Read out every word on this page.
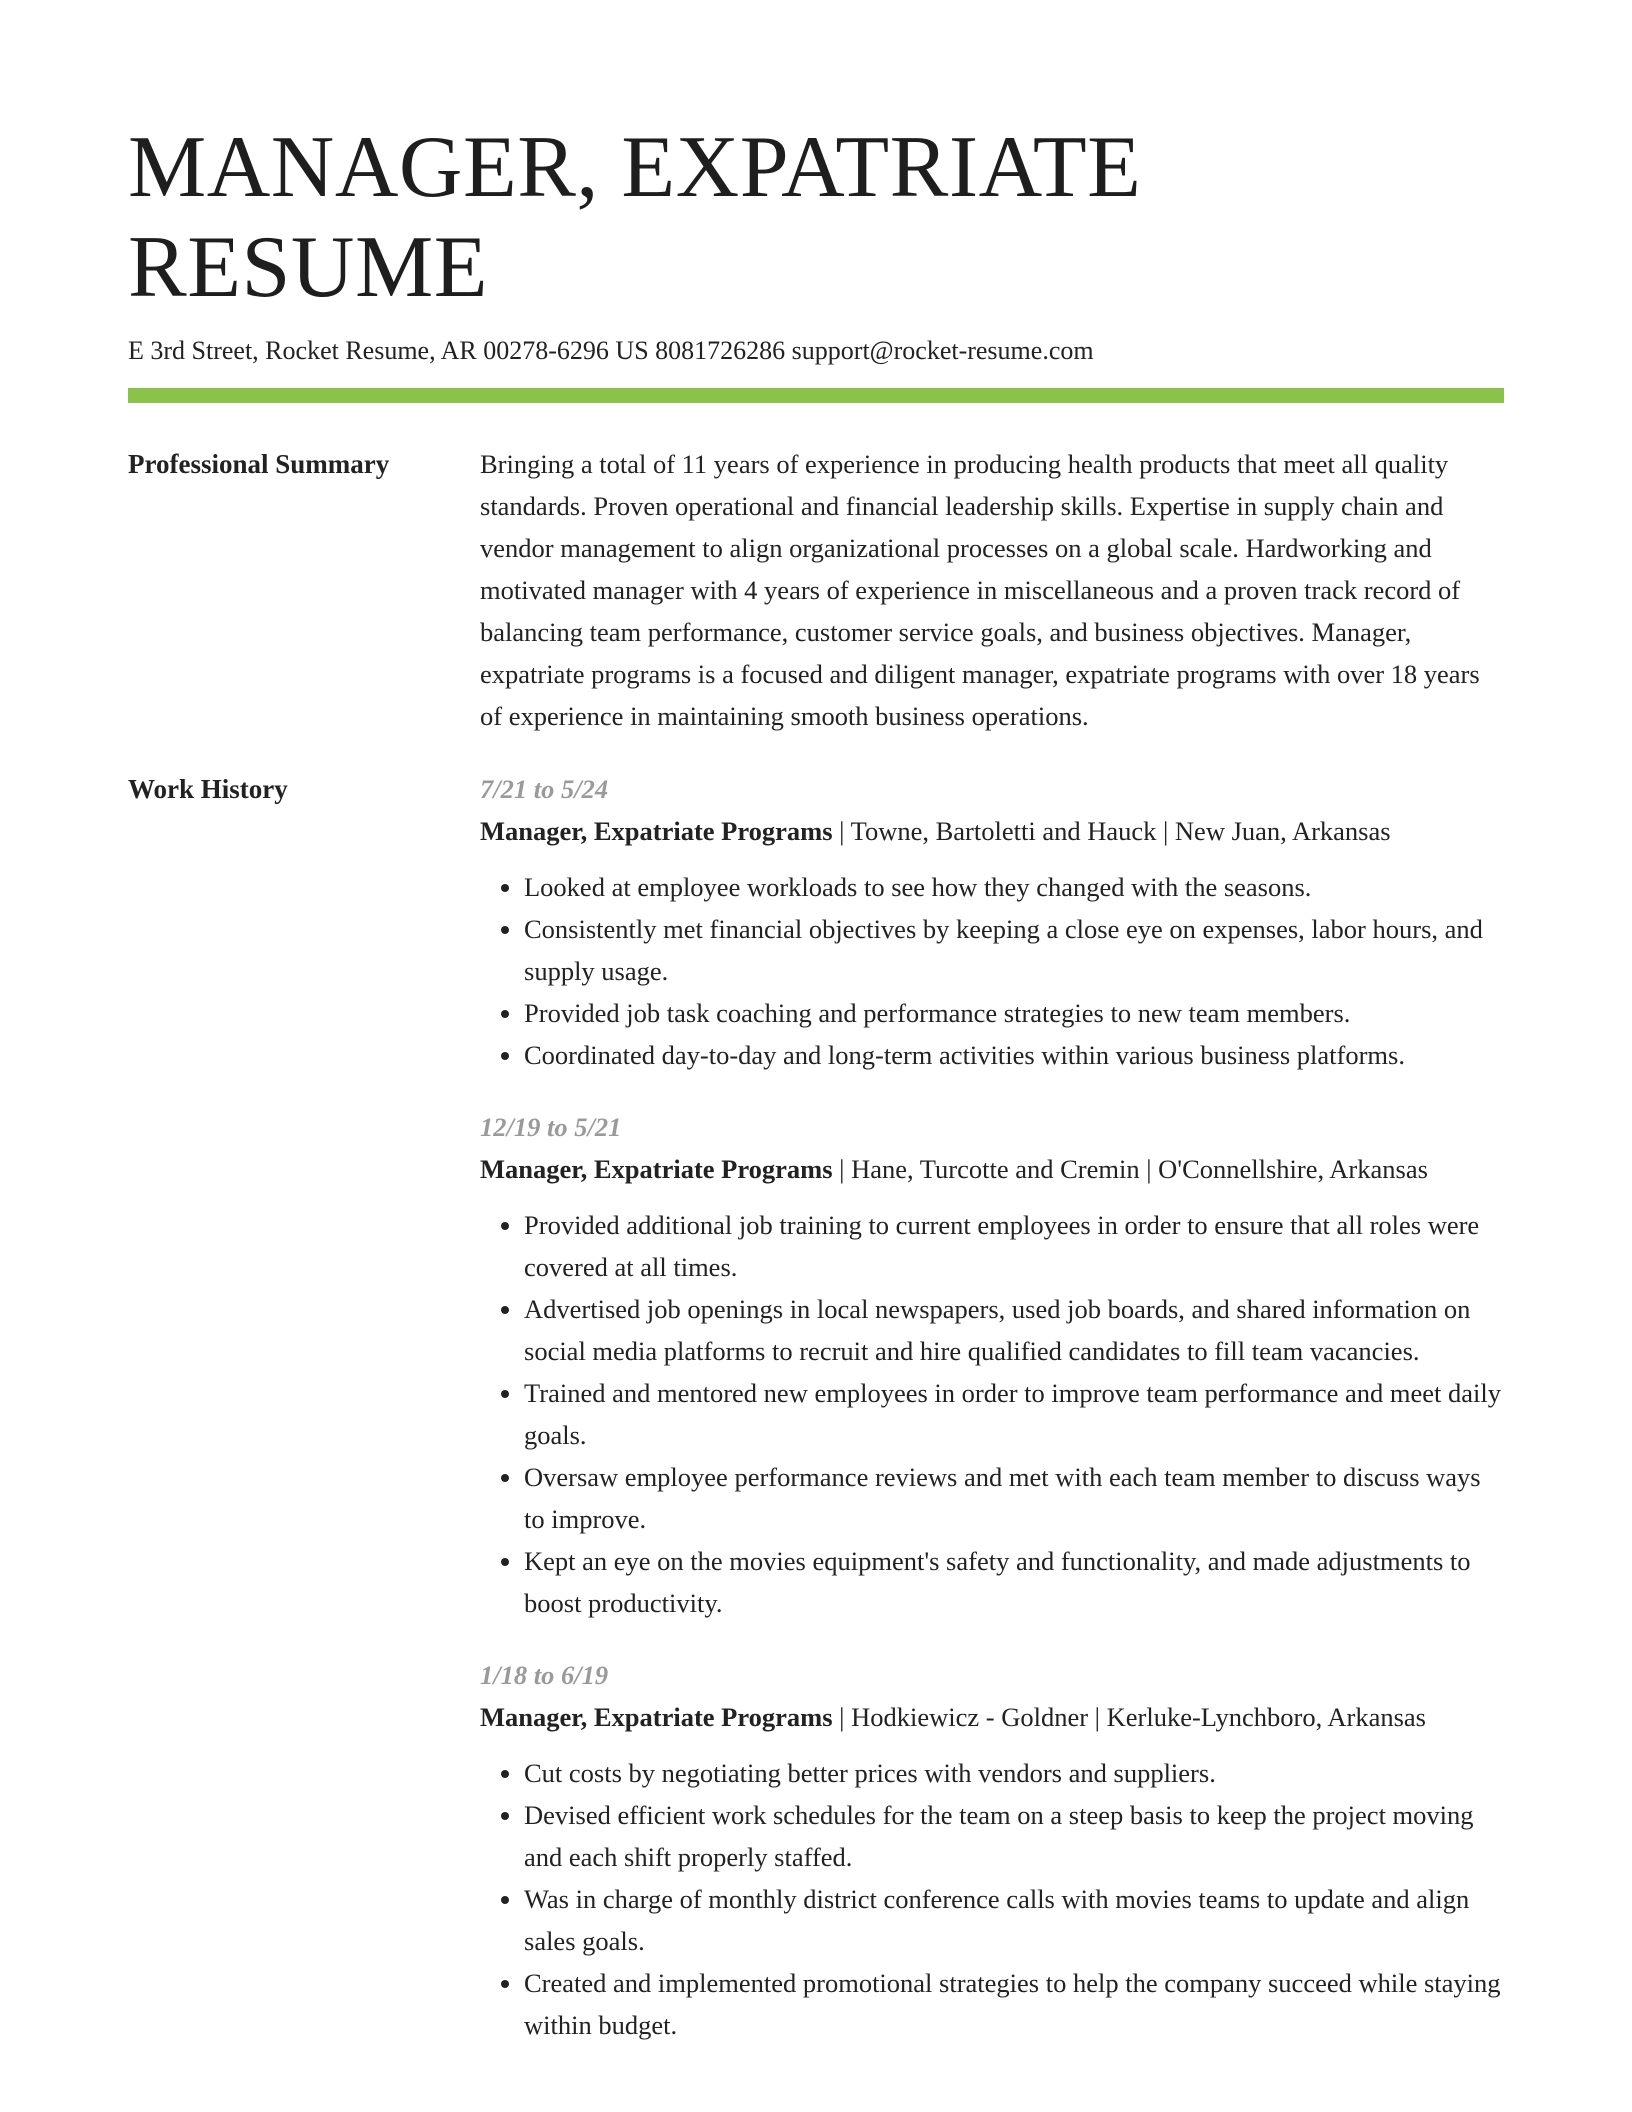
MANAGER, EXPATRIATE RESUME
E 3rd Street, Rocket Resume, AR 00278-6296 US 8081726286 support@rocket-resume.com
Professional Summary	Bringing a total of 11 years of experience in producing health products that meet all quality standards. Proven operational and financial leadership skills. Expertise in supply chain and vendor management to align organizational processes on a global scale. Hardworking and motivated manager with 4 years of experience in miscellaneous and a proven track record of balancing team performance, customer service goals, and business objectives. Manager, expatriate programs is a focused and diligent manager, expatriate programs with over 18 years of experience in maintaining smooth business operations.

Work History	7/21 to 5/24
Manager, Expatriate Programs | Towne, Bartoletti and Hauck | New Juan, Arkansas
• Looked at employee workloads to see how they changed with the seasons.
• Consistently met financial objectives by keeping a close eye on expenses, labor hours, and supply usage.
• Provided job task coaching and performance strategies to new team members.
• Coordinated day-to-day and long-term activities within various business platforms.
12/19 to 5/21
Manager, Expatriate Programs | Hane, Turcotte and Cremin | O'Connellshire, Arkansas
• Provided additional job training to current employees in order to ensure that all roles were covered at all times.
• Advertised job openings in local newspapers, used job boards, and shared information on social media platforms to recruit and hire qualified candidates to fill team vacancies.
• Trained and mentored new employees in order to improve team performance and meet daily goals.
• Oversaw employee performance reviews and met with each team member to discuss ways to improve.
• Kept an eye on the movies equipment's safety and functionality, and made adjustments to boost productivity.
1/18 to 6/19
Manager, Expatriate Programs | Hodkiewicz - Goldner | Kerluke-Lynchboro, Arkansas
• Cut costs by negotiating better prices with vendors and suppliers.
• Devised efficient work schedules for the team on a steep basis to keep the project moving and each shift properly staffed.
• Was in charge of monthly district conference calls with movies teams to update and align sales goals.
• Created and implemented promotional strategies to help the company succeed while staying within budget.
